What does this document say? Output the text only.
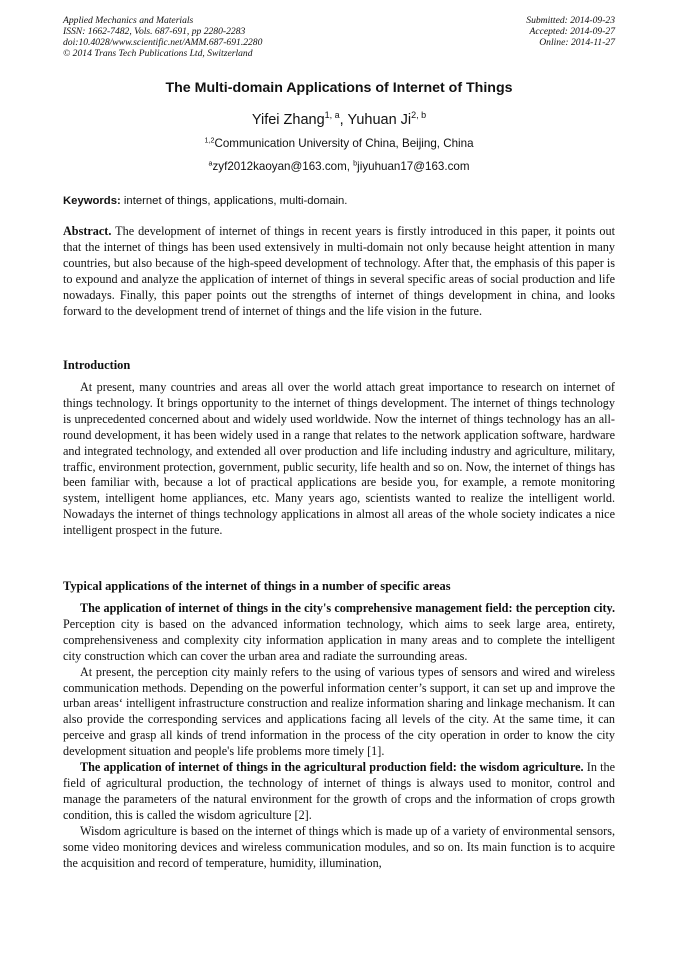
Applied Mechanics and Materials
ISSN: 1662-7482, Vols. 687-691, pp 2280-2283
doi:10.4028/www.scientific.net/AMM.687-691.2280
© 2014 Trans Tech Publications Ltd, Switzerland
Submitted: 2014-09-23
Accepted: 2014-09-27
Online: 2014-11-27
The Multi-domain Applications of Internet of Things
Yifei Zhang$^{1, a}$, Yuhuan Ji$^{2, b}$
$^{1,2}$Communication University of China, Beijing, China
$^a$zyf2012kaoyan@163.com, $^b$jiyuhuan17@163.com
Keywords: internet of things, applications, multi-domain.

Abstract. The development of internet of things in recent years is firstly introduced in this paper, it points out that the internet of things has been used extensively in multi-domain not only because height attention in many countries, but also because of the high-speed development of technology. After that, the emphasis of this paper is to expound and analyze the application of internet of things in several specific areas of social production and life nowadays. Finally, this paper points out the strengths of internet of things development in china, and looks forward to the development trend of internet of things and the life vision in the future.

Introduction

At present, many countries and areas all over the world attach great importance to research on internet of things technology. It brings opportunity to the internet of things development. The internet of things technology is unprecedented concerned about and widely used worldwide. Now the internet of things technology has an all-round development, it has been widely used in a range that relates to the network application software, hardware and integrated technology, and extended all over production and life including industry and agriculture, military, traffic, environment protection, government, public security, life health and so on. Now, the internet of things has been familiar with, because a lot of practical applications are beside you, for example, a remote monitoring system, intelligent home appliances, etc. Many years ago, scientists wanted to realize the intelligent world. Nowadays the internet of things technology applications in almost all areas of the whole society indicates a nice intelligent prospect in the future.

Typical applications of the internet of things in a number of specific areas

The application of internet of things in the city's comprehensive management field: the perception city. Perception city is based on the advanced information technology, which aims to seek large area, entirety, comprehensiveness and complexity city information application in many areas and to complete the intelligent city construction which can cover the urban area and radiate the surrounding areas.

At present, the perception city mainly refers to the using of various types of sensors and wired and wireless communication methods. Depending on the powerful information center’s support, it can set up and improve the urban areas‘ intelligent infrastructure construction and realize information sharing and linkage mechanism. It can also provide the corresponding services and applications facing all levels of the city. At the same time, it can perceive and grasp all kinds of trend information in the process of the city operation in order to know the city development situation and people's life problems more timely [1].

The application of internet of things in the agricultural production field: the wisdom agriculture. In the field of agricultural production, the technology of internet of things is always used to monitor, control and manage the parameters of the natural environment for the growth of crops and the information of crops growth condition, this is called the wisdom agriculture [2].

Wisdom agriculture is based on the internet of things which is made up of a variety of environmental sensors, some video monitoring devices and wireless communication modules, and so on. Its main function is to acquire the acquisition and record of temperature, humidity, illumination,
